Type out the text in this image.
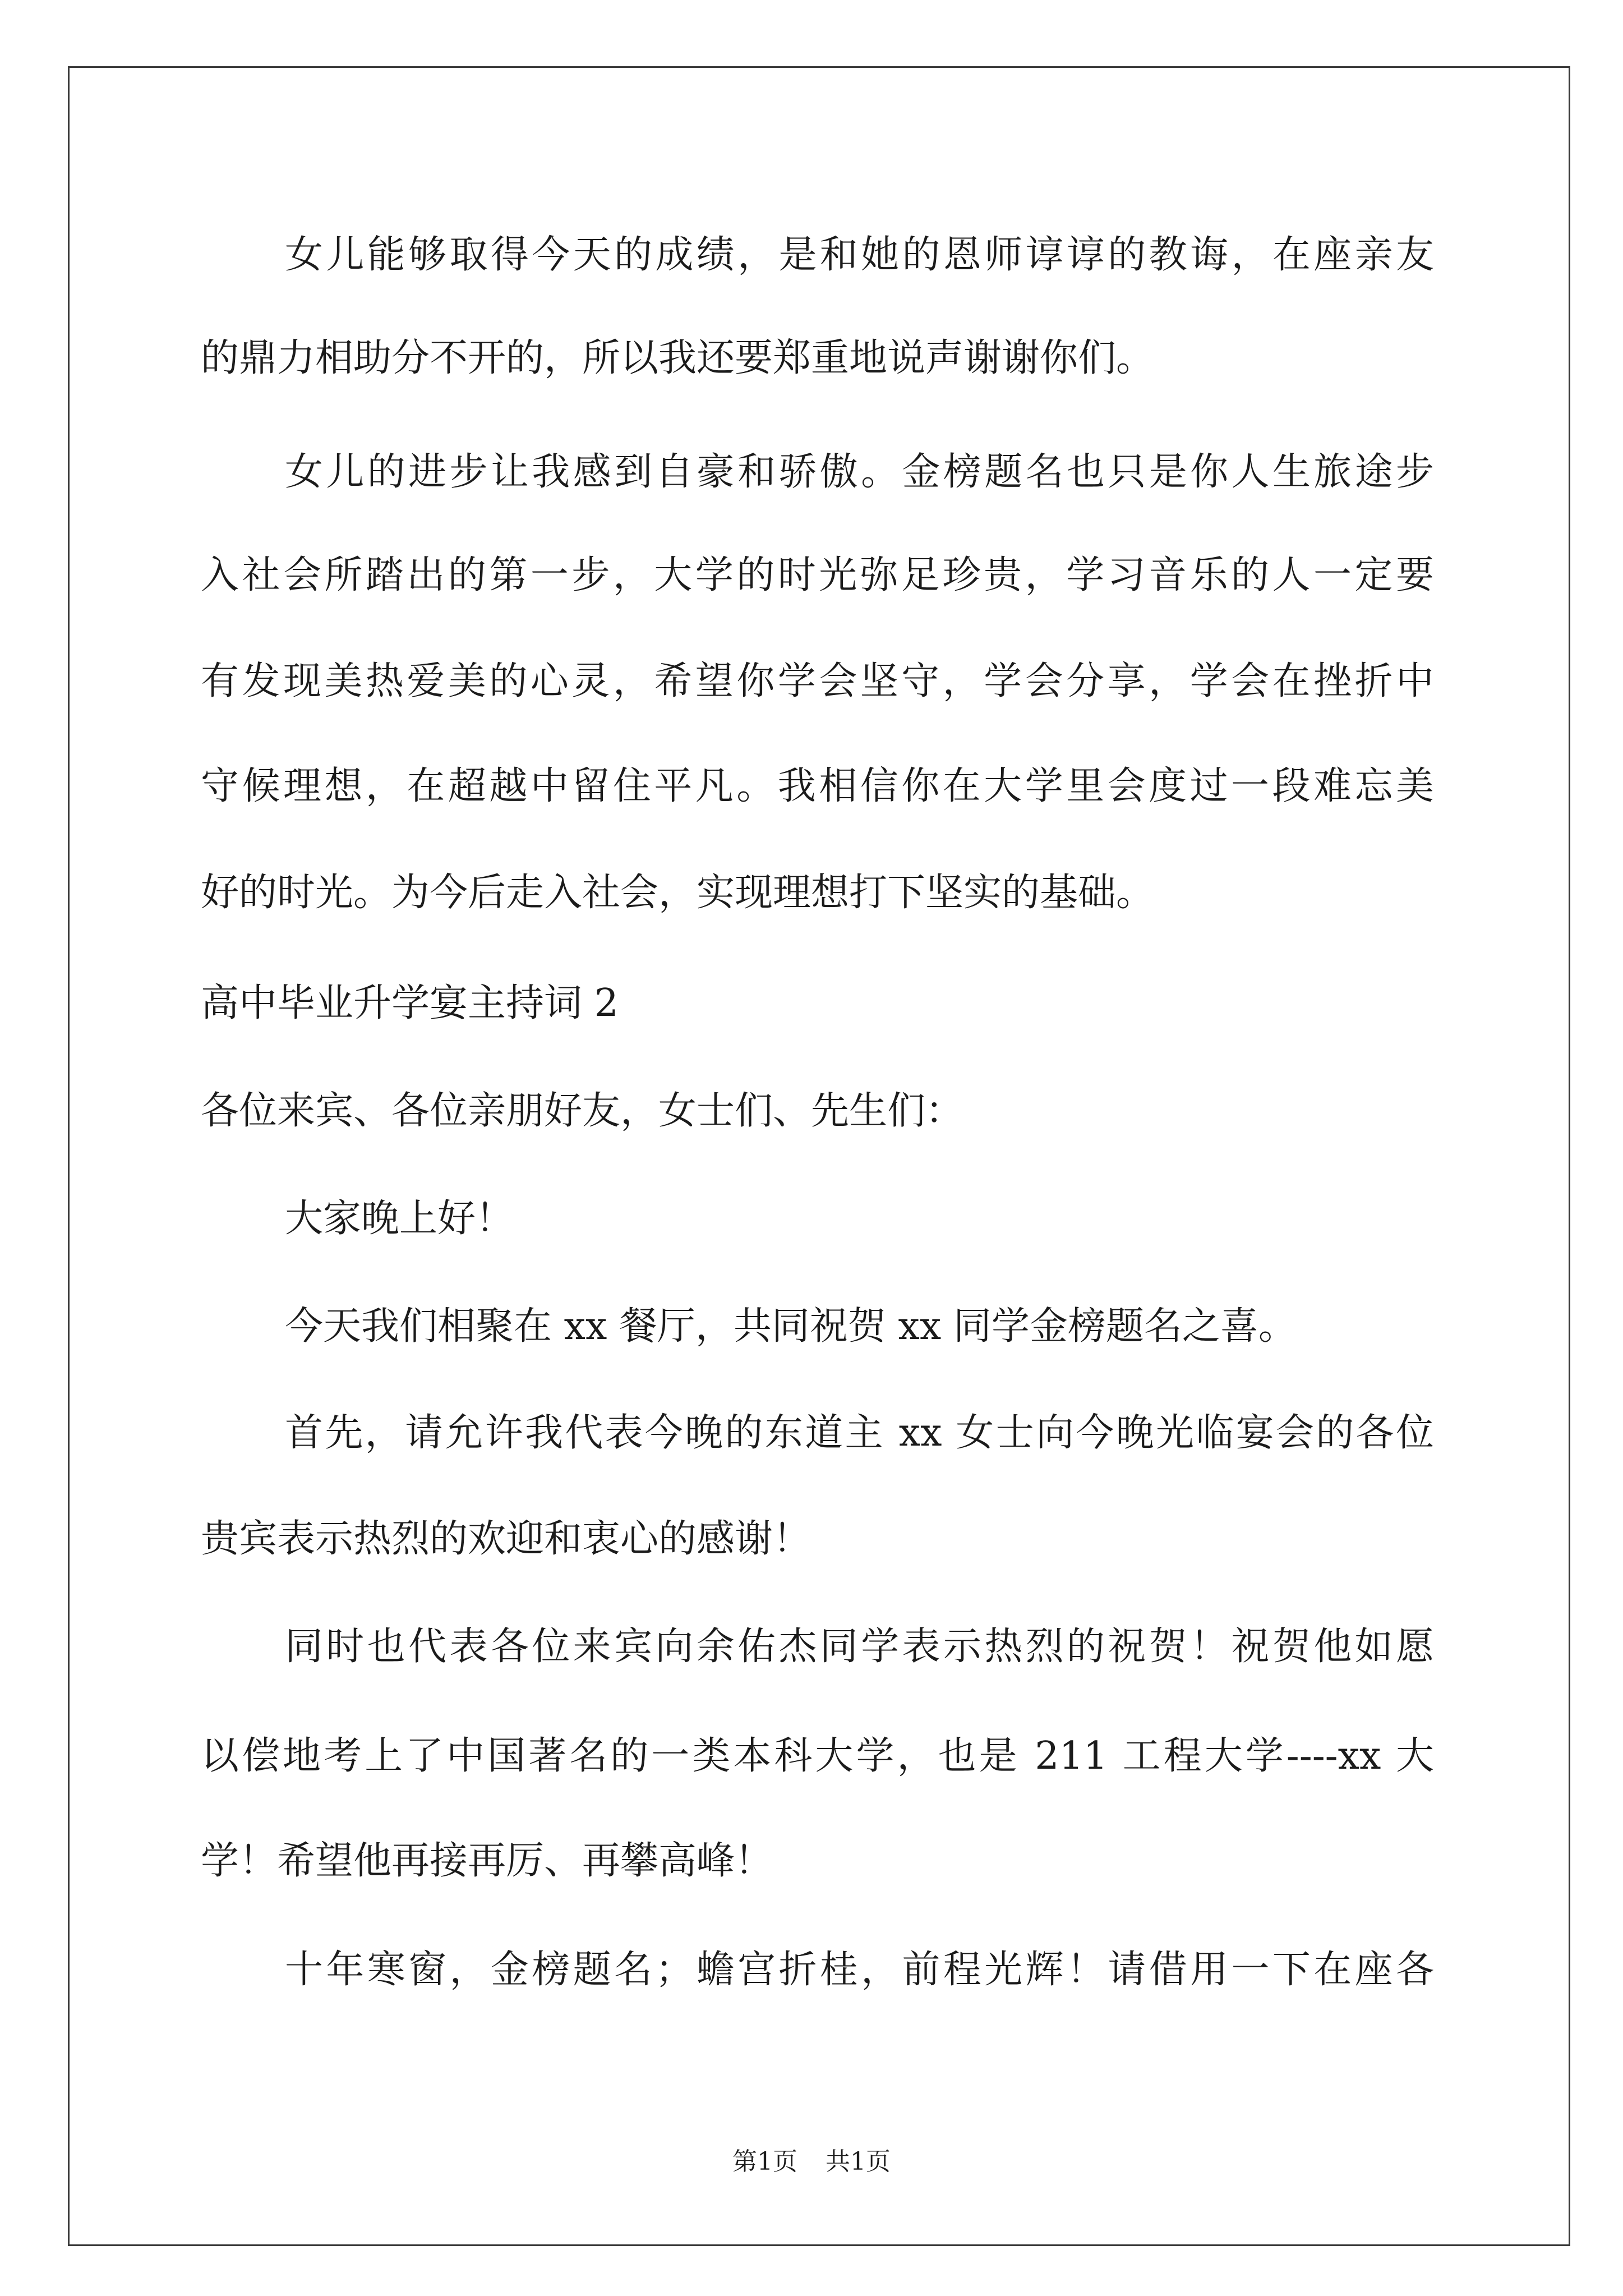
女儿能够取得今天的成绩，是和她的恩师谆谆的教诲，在座亲友
的鼎力相助分不开的，所以我还要郑重地说声谢谢你们。
女儿的进步让我感到自豪和骄傲。金榜题名也只是你人生旅途步
入社会所踏出的第一步，大学的时光弥足珍贵，学习音乐的人一定要
有发现美热爱美的心灵，希望你学会坚守，学会分享，学会在挫折中
守候理想，在超越中留住平凡。我相信你在大学里会度过一段难忘美
好的时光。为今后走入社会，实现理想打下坚实的基础。
高中毕业升学宴主持词 2
各位来宾、各位亲朋好友，女士们、先生们：
大家晚上好！
今天我们相聚在 xx 餐厅，共同祝贺 xx 同学金榜题名之喜。
首先，请允许我代表今晚的东道主 xx 女士向今晚光临宴会的各位
贵宾表示热烈的欢迎和衷心的感谢！
同时也代表各位来宾向余佑杰同学表示热烈的祝贺！祝贺他如愿
以偿地考上了中国著名的一类本科大学，也是 211 工程大学----xx 大
学！希望他再接再厉、再攀高峰！
十年寒窗，金榜题名；蟾宫折桂，前程光辉！请借用一下在座各
第1页 共1页
